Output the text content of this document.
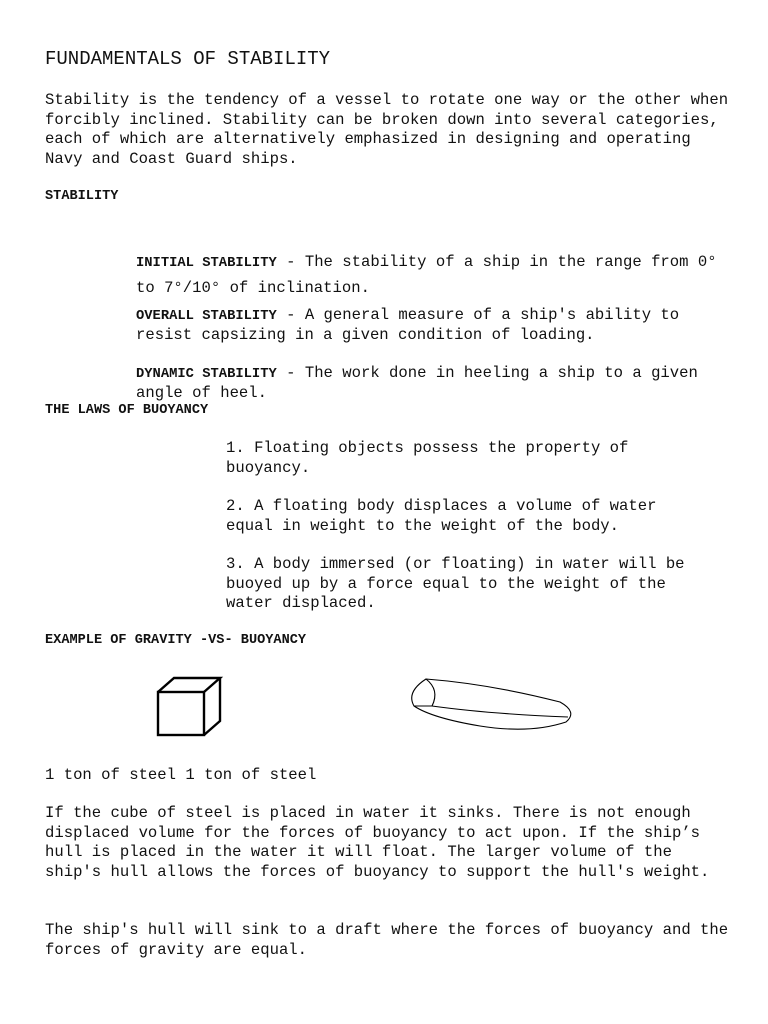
FUNDAMENTALS OF STABILITY

Stability is the tendency of a vessel to rotate one way or the other when forcibly inclined. Stability can be broken down into several categories, each of which are alternatively emphasized in designing and operating Navy and Coast Guard ships.

STABILITY

INITIAL STABILITY - The stability of a ship in the range from 0° to 7°/10° of inclination.

OVERALL STABILITY - A general measure of a ship's ability to resist capsizing in a given condition of loading.

DYNAMIC STABILITY - The work done in heeling a ship to a given angle of heel.

THE LAWS OF BUOYANCY

1. Floating objects possess the property of buoyancy.

2. A floating body displaces a volume of water equal in weight to the weight of the body.

3. A body immersed (or floating) in water will be buoyed up by a force equal to the weight of the water displaced.

EXAMPLE OF GRAVITY -VS- BUOYANCY

1 ton of steel 1 ton of steel

If the cube of steel is placed in water it sinks. There is not enough displaced volume for the forces of buoyancy to act upon. If the ship’s hull is placed in the water it will float. The larger volume of the ship's hull allows the forces of buoyancy to support the hull's weight.

The ship's hull will sink to a draft where the forces of buoyancy and the forces of gravity are equal.
